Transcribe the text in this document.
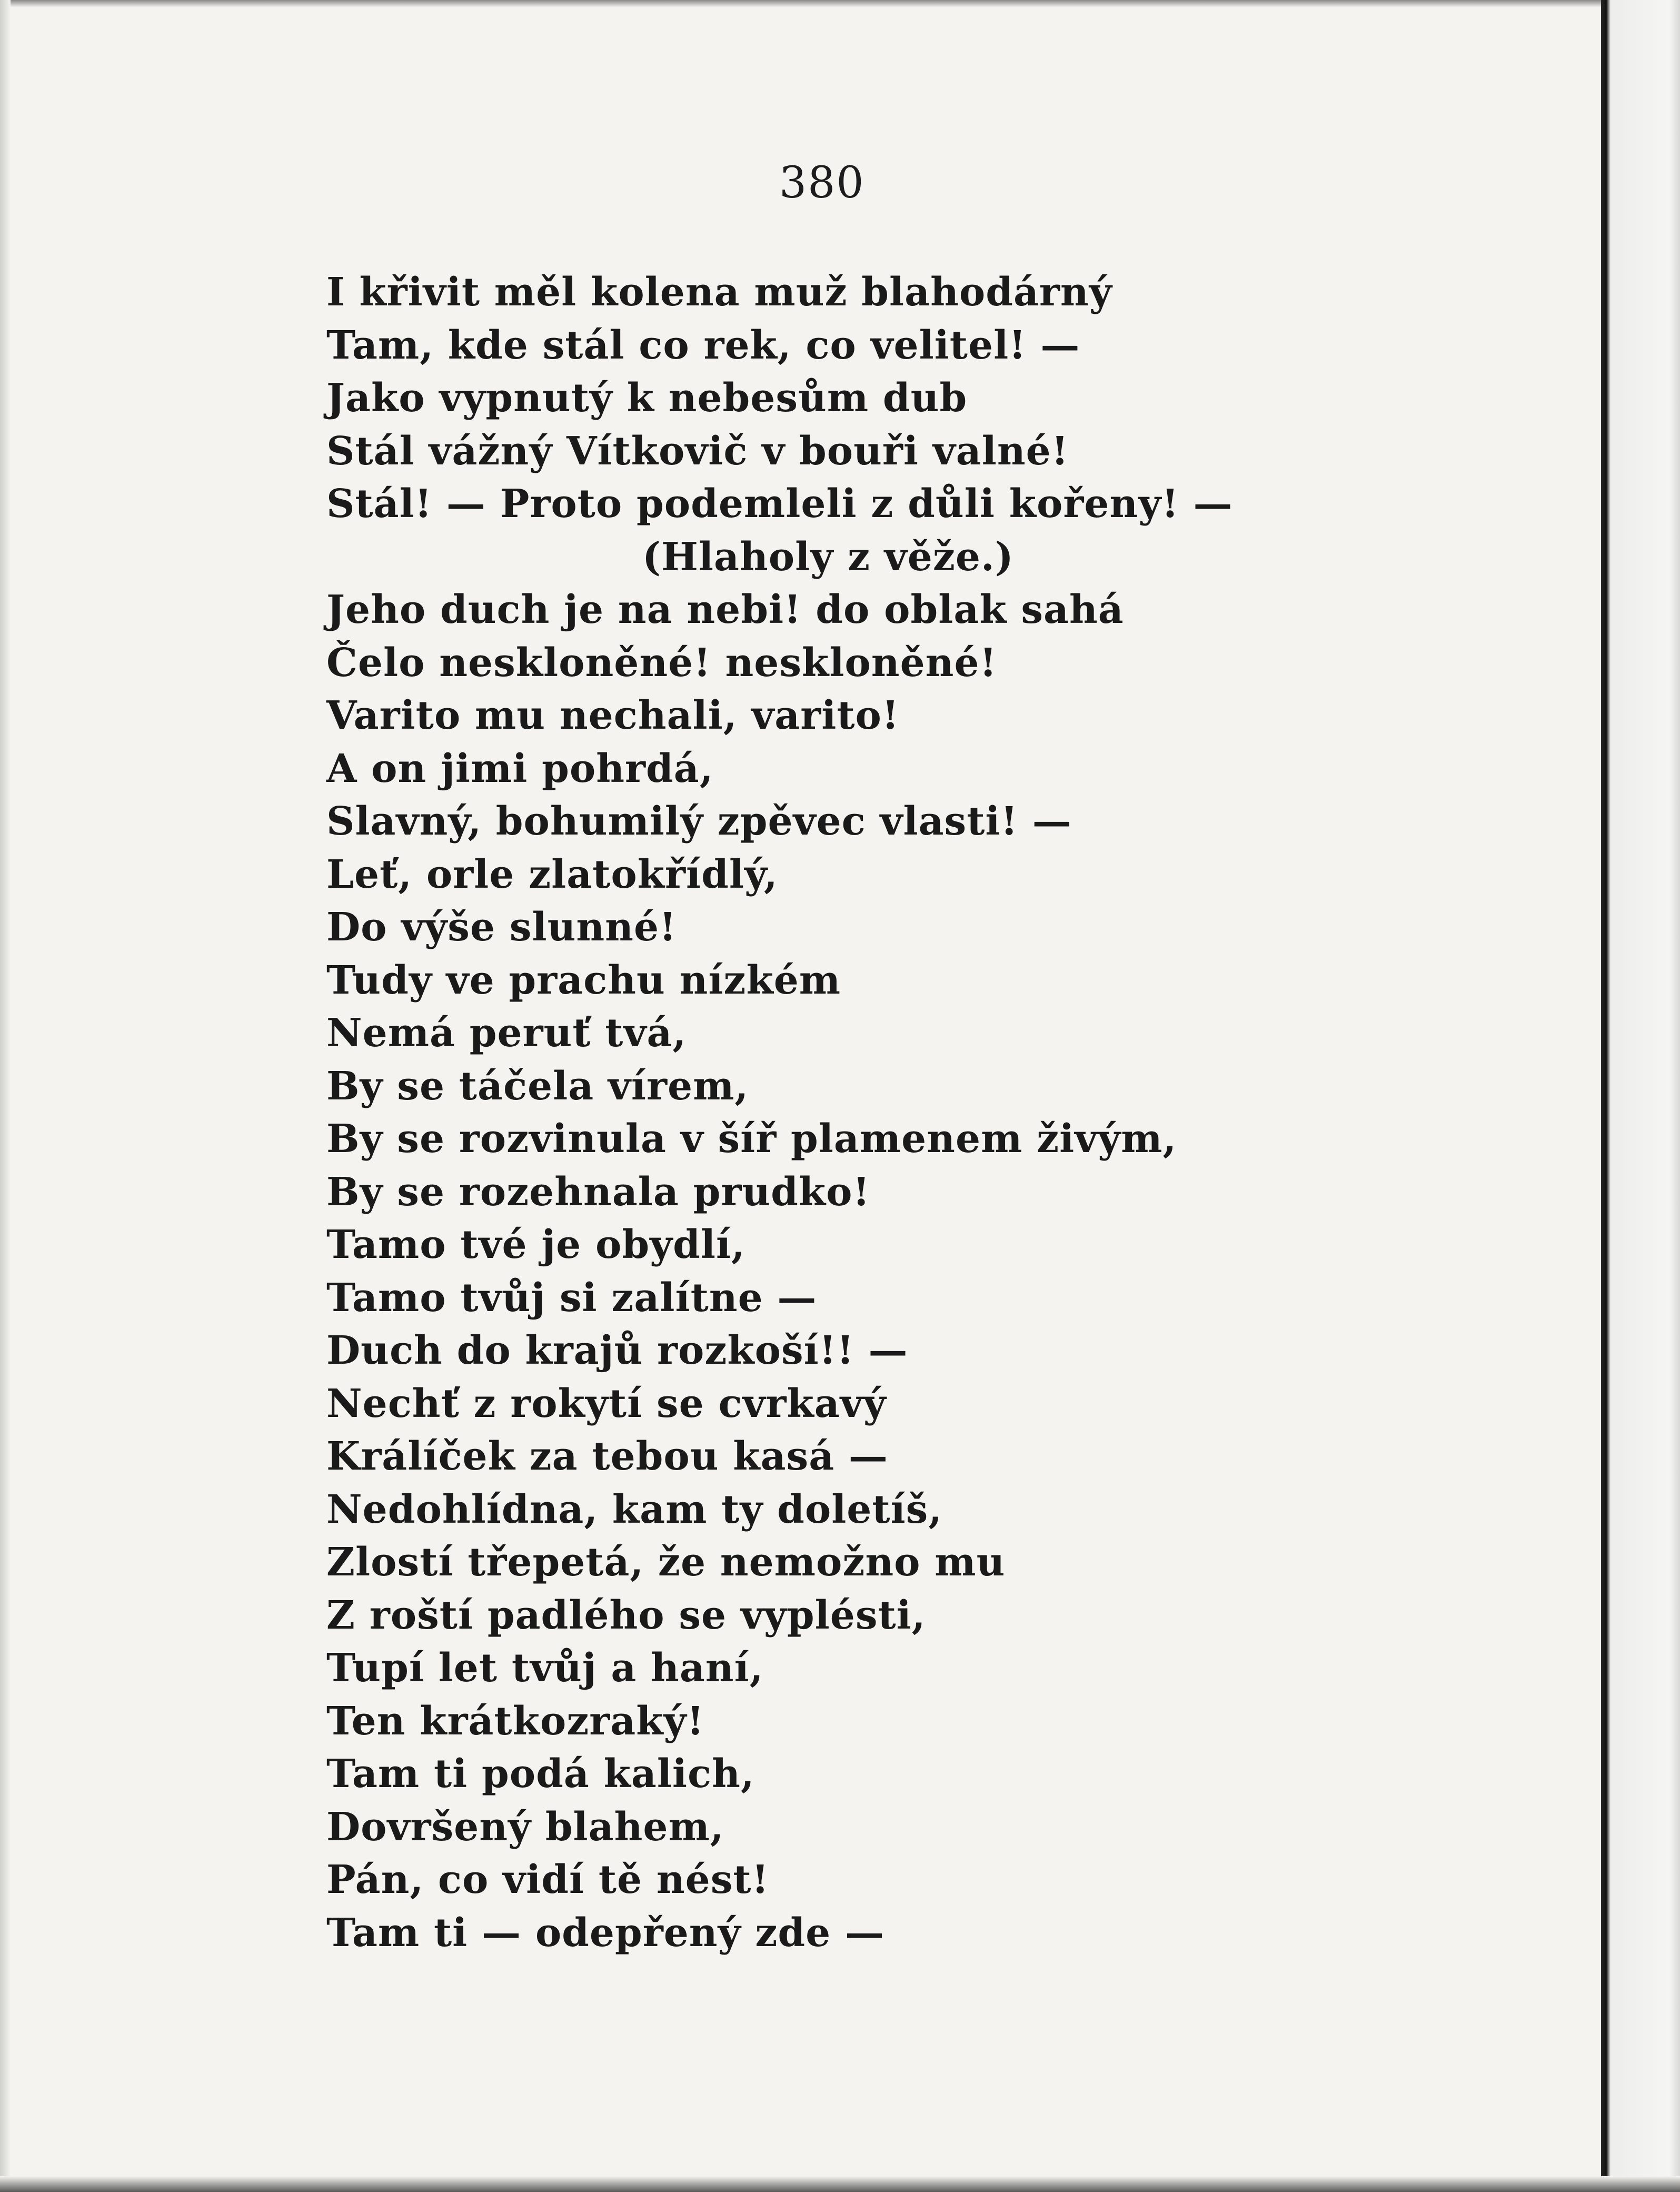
380
I křivit měl kolena muž blahodárný
Tam, kde stál co rek, co velitel! —
Jako vypnutý k nebesům dub
Stál vážný Vítkovič v bouři valné!
Stál! — Proto podemleli z důli kořeny! —
(Hlaholy z věže.)
Jeho duch je na nebi! do oblak sahá
Čelo neskloněné! neskloněné!
Varito mu nechali, varito!
A on jimi pohrdá,
Slavný, bohumilý zpěvec vlasti! —
Leť, orle zlatokřídlý,
Do výše slunné!
Tudy ve prachu nízkém
Nemá peruť tvá,
By se táčela vírem,
By se rozvinula v šíř plamenem živým,
By se rozehnala prudko!
Tamo tvé je obydlí,
Tamo tvůj si zalítne —
Duch do krajů rozkoší!! —
Nechť z rokytí se cvrkavý
Králíček za tebou kasá —
Nedohlídna, kam ty doletíš,
Zlostí třepetá, že nemožno mu
Z roští padlého se vyplésti,
Tupí let tvůj a haní,
Ten krátkozraký!
Tam ti podá kalich,
Dovršený blahem,
Pán, co vidí tě nést!
Tam ti — odepřený zde —
